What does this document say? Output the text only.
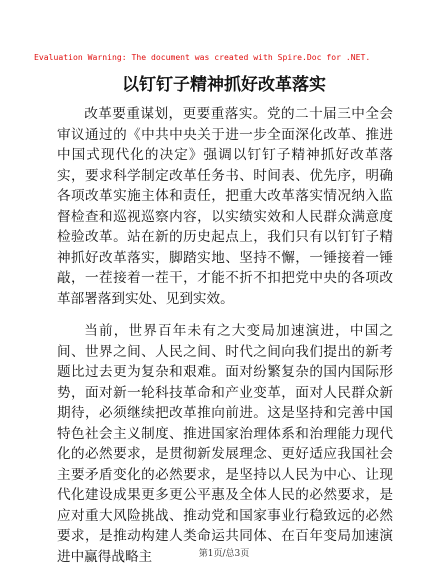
Evaluation Warning: The document was created with Spire.Doc for .NET.
以钉钉子精神抓好改革落实

改革要重谋划，更要重落实。党的二十届三中全会审议通过的《中共中央关于进一步全面深化改革、推进中国式现代化的决定》强调以钉钉子精神抓好改革落实，要求科学制定改革任务书、时间表、优先序，明确各项改革实施主体和责任，把重大改革落实情况纳入监督检查和巡视巡察内容，以实绩实效和人民群众满意度检验改革。站在新的历史起点上，我们只有以钉钉子精神抓好改革落实，脚踏实地、坚持不懈，一锤接着一锤敲，一茬接着一茬干，才能不折不扣把党中央的各项改革部署落到实处、见到实效。

当前，世界百年未有之大变局加速演进，中国之间、世界之间、人民之间、时代之间向我们提出的新考题比过去更为复杂和艰难。面对纷繁复杂的国内国际形势，面对新一轮科技革命和产业变革，面对人民群众新期待，必须继续把改革推向前进。这是坚持和完善中国特色社会主义制度、推进国家治理体系和治理能力现代化的必然要求，是贯彻新发展理念、更好适应我国社会主要矛盾变化的必然要求，是坚持以人民为中心、让现代化建设成果更多更公平惠及全体人民的必然要求，是应对重大风险挑战、推动党和国家事业行稳致远的必然要求，是推动构建人类命运共同体、在百年变局加速演进中赢得战略主	第1页/总3页
